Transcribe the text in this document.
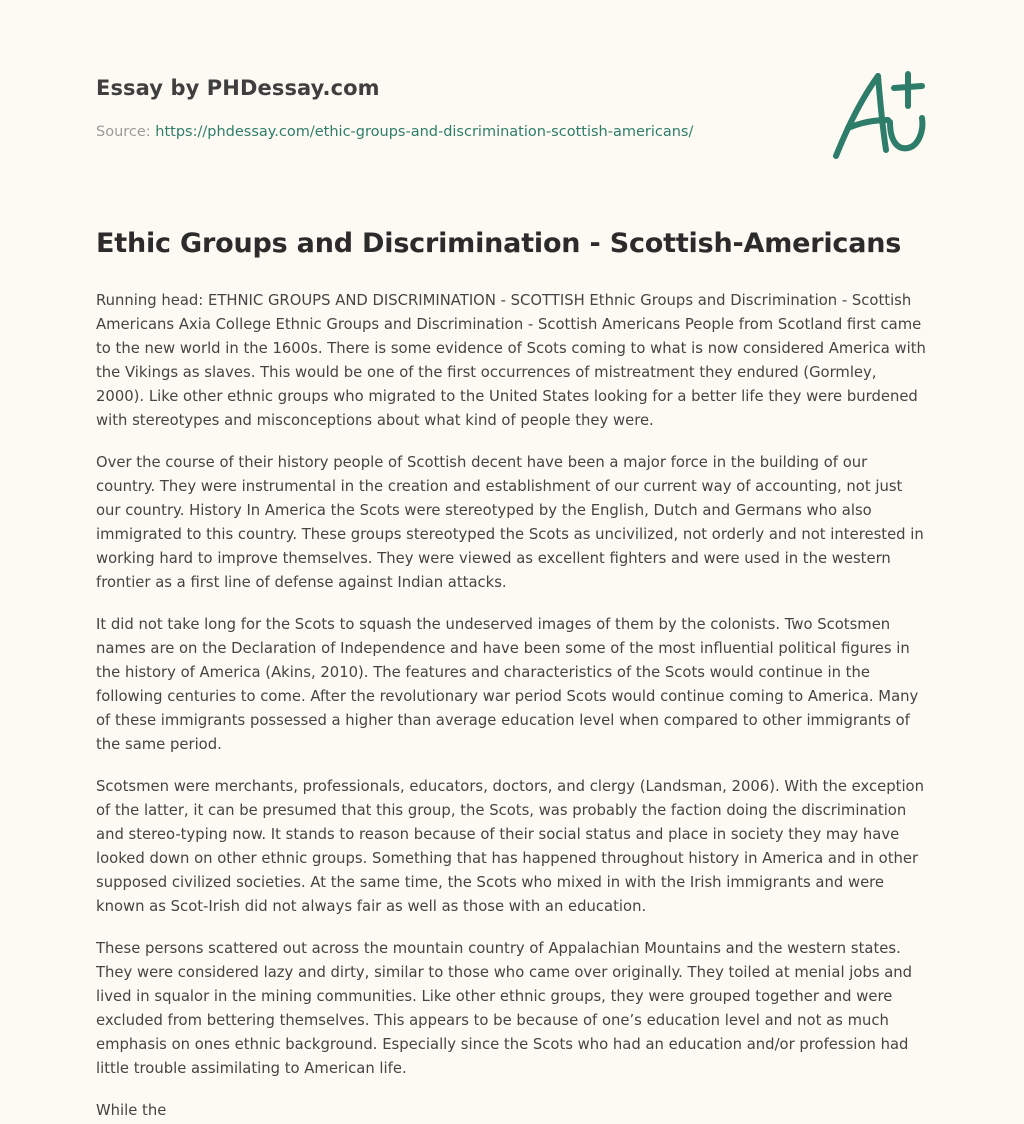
Essay by PHDessay.com
Source: https://phdessay.com/ethic-groups-and-discrimination-scottish-americans/
Ethic Groups and Discrimination - Scottish-Americans

Running head: ETHNIC GROUPS AND DISCRIMINATION - SCOTTISH Ethnic Groups and Discrimination - Scottish Americans Axia College Ethnic Groups and Discrimination - Scottish Americans People from Scotland first came to the new world in the 1600s. There is some evidence of Scots coming to what is now considered America with the Vikings as slaves. This would be one of the first occurrences of mistreatment they endured (Gormley, 2000). Like other ethnic groups who migrated to the United States looking for a better life they were burdened with stereotypes and misconceptions about what kind of people they were.

Over the course of their history people of Scottish decent have been a major force in the building of our country. They were instrumental in the creation and establishment of our current way of accounting, not just our country. History In America the Scots were stereotyped by the English, Dutch and Germans who also immigrated to this country. These groups stereotyped the Scots as uncivilized, not orderly and not interested in working hard to improve themselves. They were viewed as excellent fighters and were used in the western frontier as a first line of defense against Indian attacks.

It did not take long for the Scots to squash the undeserved images of them by the colonists. Two Scotsmen names are on the Declaration of Independence and have been some of the most influential political figures in the history of America (Akins, 2010). The features and characteristics of the Scots would continue in the following centuries to come. After the revolutionary war period Scots would continue coming to America. Many of these immigrants possessed a higher than average education level when compared to other immigrants of the same period.

Scotsmen were merchants, professionals, educators, doctors, and clergy (Landsman, 2006). With the exception of the latter, it can be presumed that this group, the Scots, was probably the faction doing the discrimination and stereo-typing now. It stands to reason because of their social status and place in society they may have looked down on other ethnic groups. Something that has happened throughout history in America and in other supposed civilized societies. At the same time, the Scots who mixed in with the Irish immigrants and were known as Scot-Irish did not always fair as well as those with an education.

These persons scattered out across the mountain country of Appalachian Mountains and the western states. They were considered lazy and dirty, similar to those who came over originally. They toiled at menial jobs and lived in squalor in the mining communities. Like other ethnic groups, they were grouped together and were excluded from bettering themselves. This appears to be because of one’s education level and not as much emphasis on ones ethnic background. Especially since the Scots who had an education and/or profession had little trouble assimilating to American life.

While the
